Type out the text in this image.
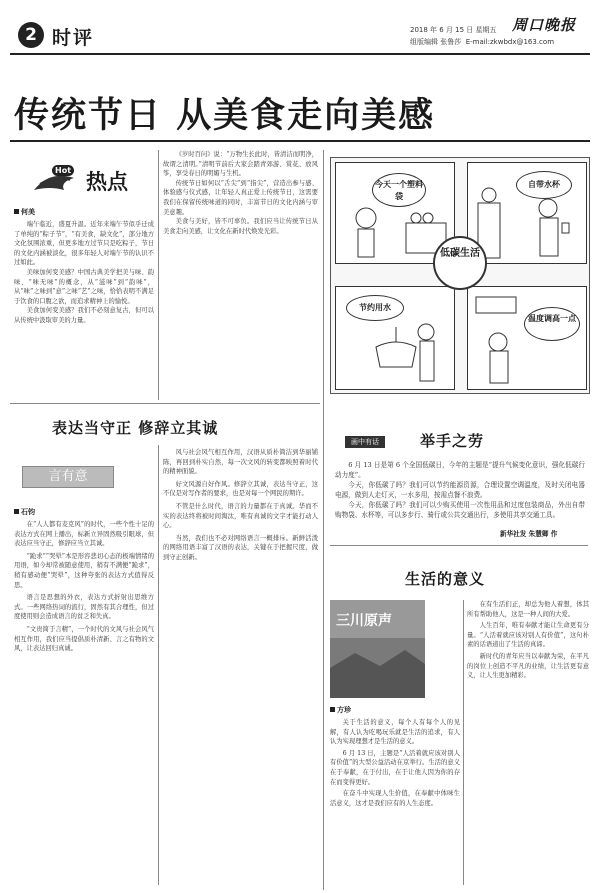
2 时评	2018 年 6 月 15 日 星期五
组版编辑 张鲁莎 E-mail:zkwbdx@163.com
周口晚报
传统节日 从美食走向美感
Hot 热点
何美

端午临近，盛夏升温。近年来端午节似乎迁成了单纯的“粽子节”，“有美食，缺文化”，部分地方文化氛围浓重，但更多地方过节只是吃粽子，节日的文化内涵被淡化，很多年轻人对端午节的认识不过如此。

美味加何变美感？中国古典美学把美与味、韵味、“味无味”的概念，从“滋味”到“韵味”，从“味”之味到“意”之味“艺”之味，恰恰表明不满足于饮食的口腹之欲，而追求精神上的愉悦。

美食加何变美感？我们不必刻意复古，但可以从传统中汲取审美的力量。

《岁时百问》说：“万物生长此时，皆清洁而明净，故谓之清明。”清明节前后大家会踏青郊游、赏花、放风筝，享受春日的明媚与生机。

传统节日如何以“舌尖”到“指尖”，营造出参与感、体验感与仪式感，让年轻人真正爱上传统节日，这需要我们在保留传统味道的同时，丰富节日的文化内涵与审美意趣。

美食与美好，皆不可辜负。我们应当让传统节日从美食走向美感，让文化在新时代焕发光彩。

今天一个塑料袋
自带水杯
节约用水
温度调高一点
低碳生活
表达当守正 修辞立其诚
言有意
石钧

在“人人都有麦克风”的时代，一些个性十足的表达方式在网上播出，标新立异固然吸引眼球，但表达应当守正，修辞应当立其诚。

“跪求”“哭晕”本是形容悲切心态的极端情绪的用语，如今却常被随意使用，稍有不满便“跪求”，稍有感动便“哭晕”，这种夸张的表达方式值得反思。

语言是思想的外衣，表达方式折射出思维方式。一些网络热词的流行，固然有其合理性，但过度使用则会造成语言的贫乏和失真。

“文贵简于言精”，一个时代的文风与社会风气相互作用，我们应当提倡质朴清新、言之有物的文风，让表达回归真诚。

风与社会风气相互作用，汉语从质朴简洁到华丽铺陈，再回到朴实自然，每一次文风的转变都映照着时代的精神面貌。

好文风源自好作风。修辞立其诚，表达当守正，这不仅是对写作者的要求，也是对每一个网民的期许。

不管是什么时代，语言的力量都在于真诚。华而不实的表达终将被时间淘汰，唯有真诚的文字才能打动人心。

当然，我们也不必对网络语言一概排斥。新鲜活泼的网络用语丰富了汉语的表达，关键在于把握尺度，做到守正创新。

画中有话	举手之劳

6 月 13 日是第 6 个全国低碳日，今年的主题是“提升气候变化意识，强化低碳行动力度”。

今天，你低碳了吗？我们可以节约能源资源，合理设置空调温度，及时关闭电器电源，做到人走灯灭，一水多用，按需点餐不浪费。

今天，你低碳了吗？我们可以少购买使用一次性用品和过度包装商品，外出自带购物袋、水杯等，可以多步行、骑行或公共交通出行，多使用共享交通工具。

新华社发 朱慧卿 作
生活的意义
三川原声
方珍

关于生活的意义，每个人有每个人的见解，有人认为吃喝玩乐就是生活的追求，有人认为实现理想才是生活的意义。

6 月 13 日，主题是“人活着就应该对别人有价值”的大型公益活动在京举行。生活的意义在于奉献，在于付出，在于让他人因为你的存在而变得更好。

在奋斗中实现人生价值，在奉献中体味生活意义，这才是我们应有的人生态度。

在有生活们正，却总为他人着想，体其所有帮助他人，这是一种人间的大爱。

人生百年，唯有奉献才能让生命更有分量。“人活着就应该对别人有价值”，这句朴素的话语道出了生活的真谛。

新时代的青年应当以奉献为荣，在平凡的岗位上创造不平凡的业绩，让生活更有意义，让人生更加精彩。
